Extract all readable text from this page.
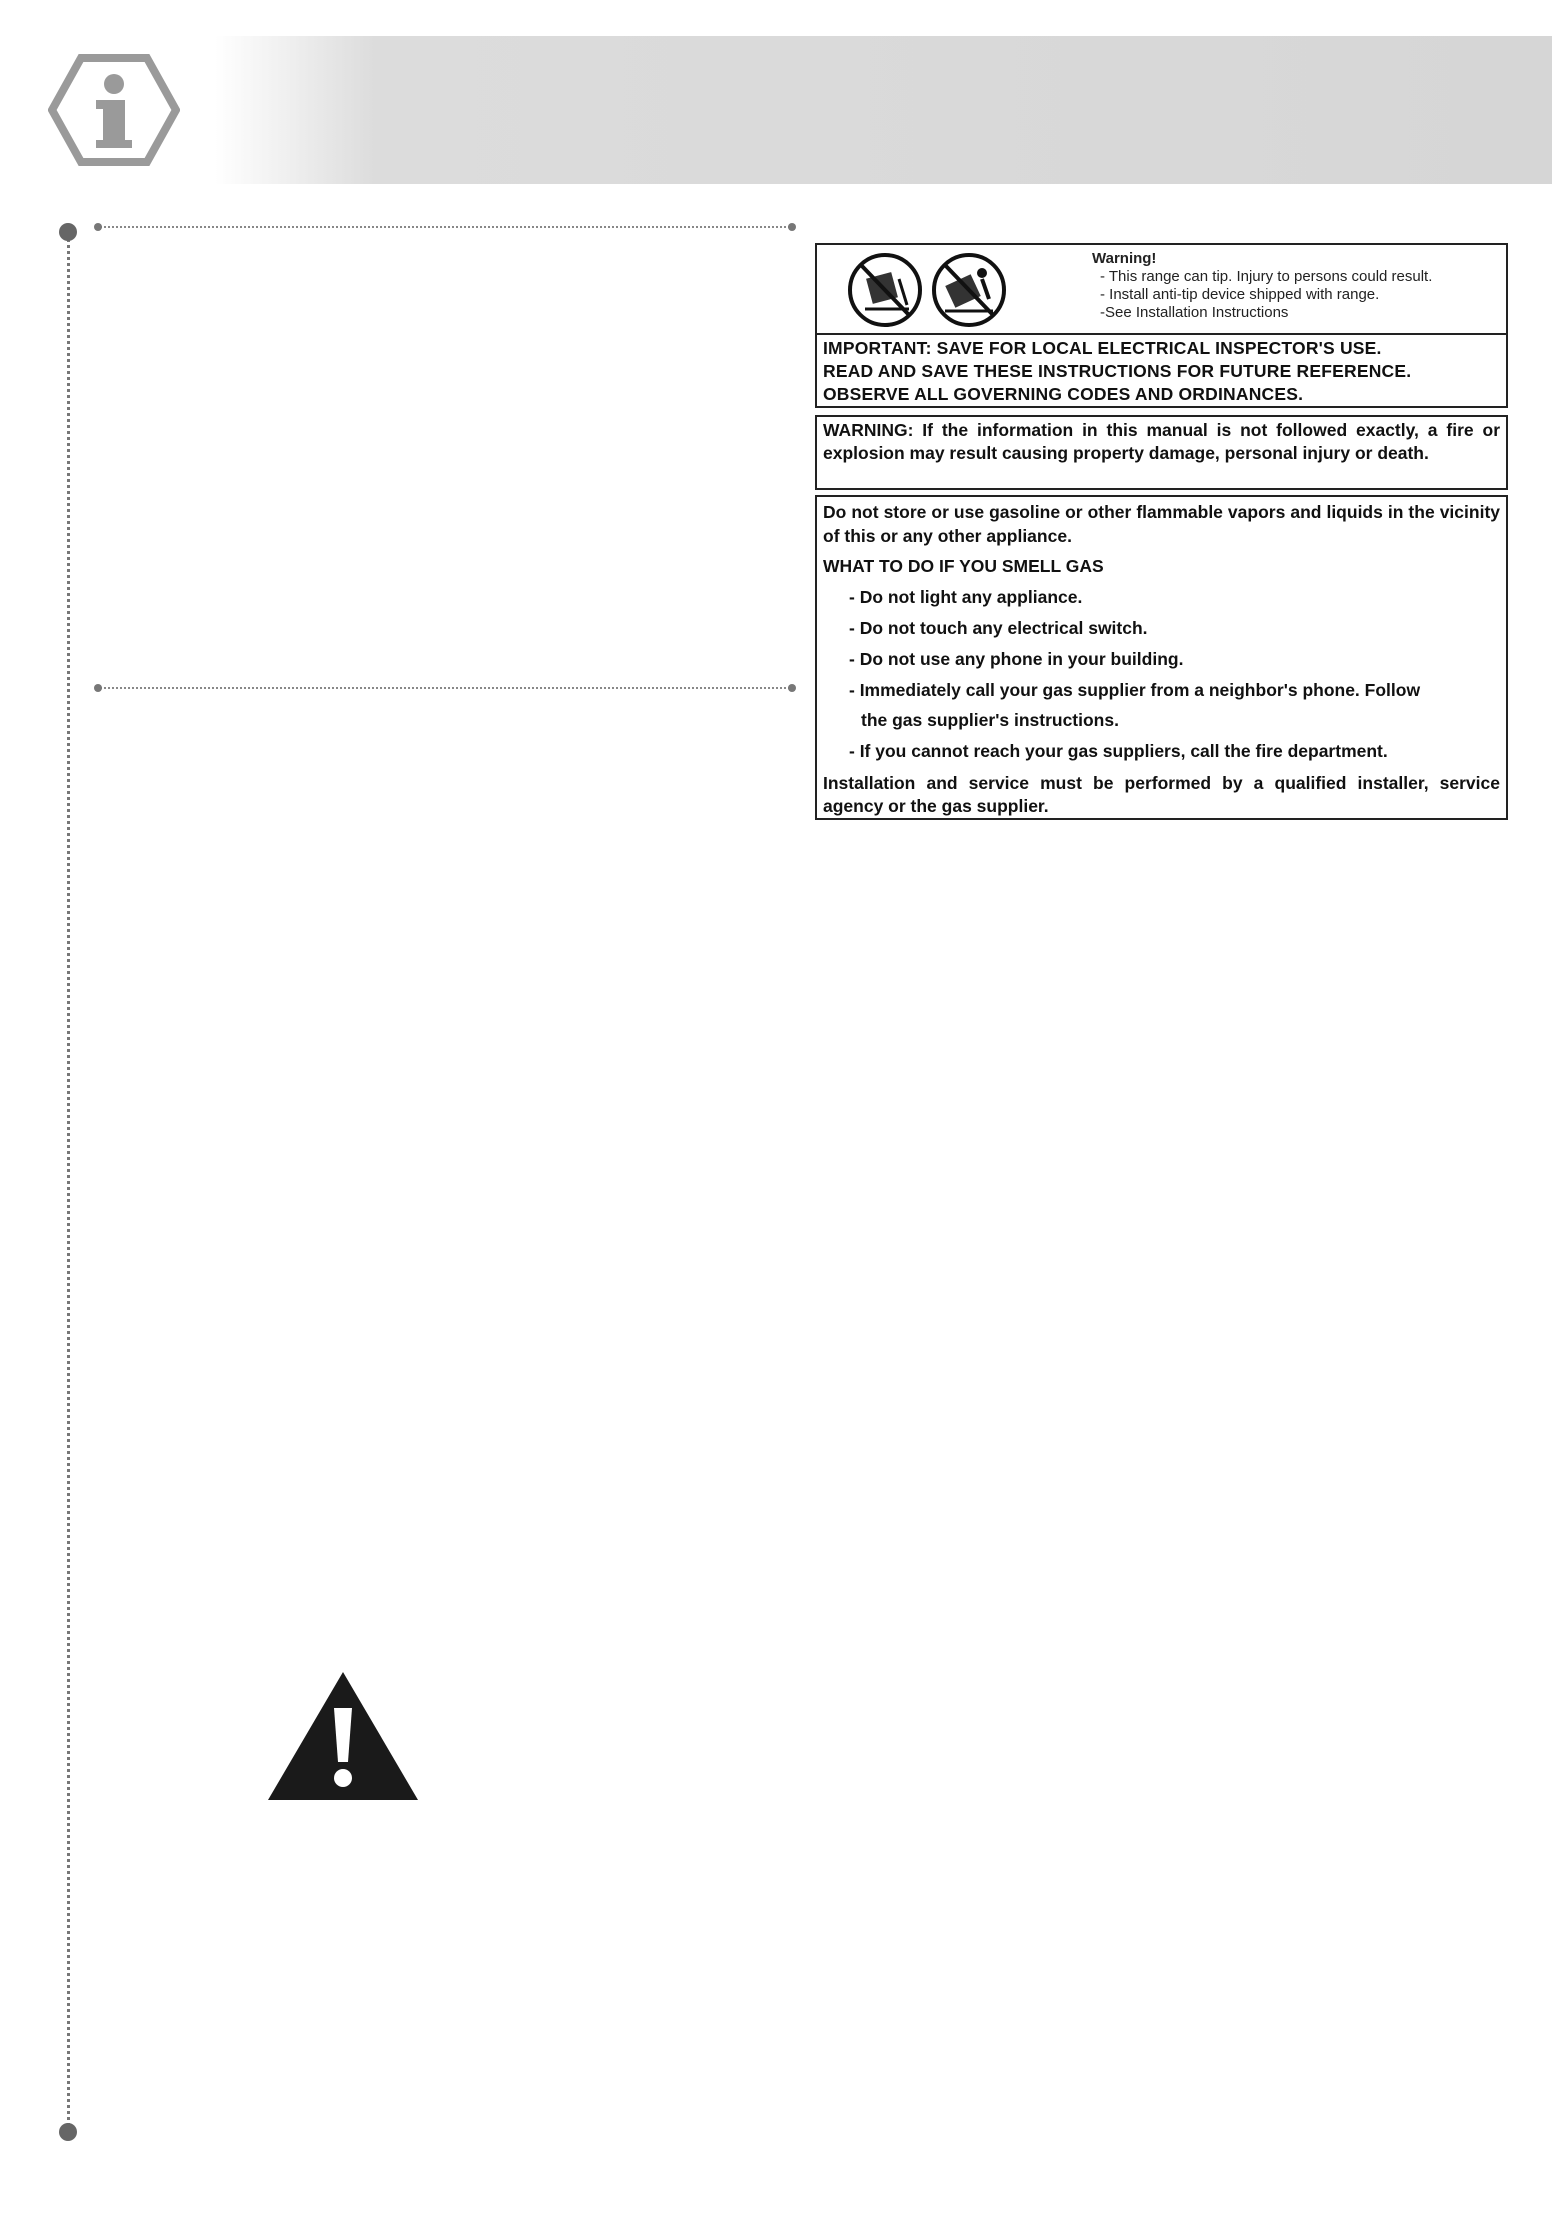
Warning!
- This range can tip. Injury to persons could result.
- Install anti-tip device shipped with range.
-See Installation Instructions
IMPORTANT: SAVE FOR LOCAL ELECTRICAL INSPECTOR'S USE.
READ AND SAVE THESE INSTRUCTIONS FOR FUTURE REFERENCE.
OBSERVE ALL GOVERNING CODES AND ORDINANCES.
WARNING: If the information in this manual is not followed exactly, a fire or explosion may result causing property damage, personal injury or death.
Do not store or use gasoline or other flammable vapors and liquids in the vicinity of this or any other appliance.
WHAT TO DO IF YOU SMELL GAS
- Do not light any appliance.
- Do not touch any electrical switch.
- Do not use any phone in your building.
- Immediately call your gas supplier from a neighbor's phone. Follow
the gas supplier's instructions.
- If you cannot reach your gas suppliers, call the fire department.
Installation and service must be performed by a qualified installer, service agency or the gas supplier.
